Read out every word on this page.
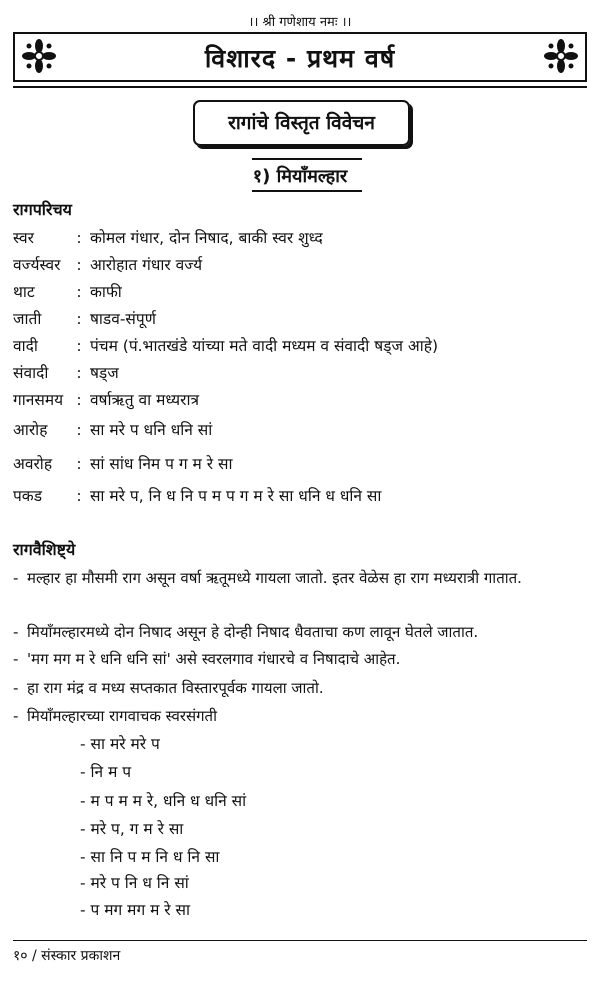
।। श्री गणेशाय नमः ।।
विशारद - प्रथम वर्ष
रागांचे विस्तृत विवेचन
१) मियाँमल्हार
रागपरिचय
स्वर	: कोमल गंधार, दोन निषाद, बाकी स्वर शुध्द
वर्ज्यस्वर : आरोहात गंधार वर्ज्य
थाट	: काफी
जाती : षाडव-संपूर्ण
वादी : पंचम (पं.भातखंडे यांच्या मते वादी मध्यम व संवादी षड्ज आहे)
संवादी : षड्ज
गानसमय : वर्षाऋतु वा मध्यरात्र
आरोह : सा मरे प धनि धनि सां
अवरोह : सां सांध निम प ग म रे सा
पकड : सा मरे प, नि ध नि प म प ग म रे सा धनि ध धनि सा
रागवैशिष्ट्ये
- मल्हार हा मौसमी राग असून वर्षा ऋतूमध्ये गायला जातो. इतर वेळेस हा राग मध्यरात्री गातात.
- मियाँमल्हारमध्ये दोन निषाद असून हे दोन्ही निषाद धैवताचा कण लावून घेतले जातात.
- 'मग मग म रे धनि धनि सां' असे स्वरलगाव गंधारचे व निषादाचे आहेत.
- हा राग मंद्र व मध्य सप्तकात विस्तारपूर्वक गायला जातो.
- मियाँमल्हारच्या रागवाचक स्वरसंगती
- सा मरे मरे प
- नि म प
- म प म म रे, धनि ध धनि सां
- मरे प, ग म रे सा
- सा नि प म नि ध नि सा
- मरे प नि ध नि सां
- प मग मग म रे सा
१० / संस्कार प्रकाशन
